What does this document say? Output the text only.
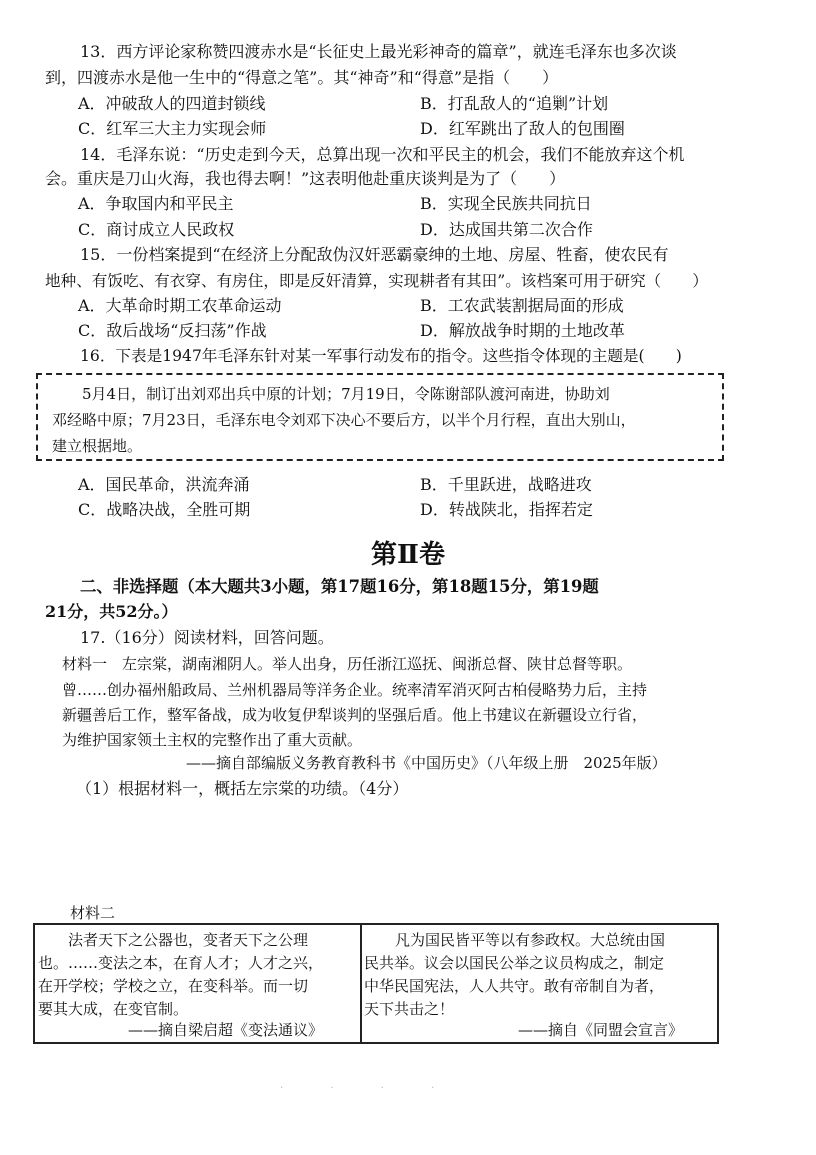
13．西方评论家称赞四渡赤水是“长征史上最光彩神奇的篇章”，就连毛泽东也多次谈
到，四渡赤水是他一生中的“得意之笔”。其“神奇”和“得意”是指（　　）
A．冲破敌人的四道封锁线	B．打乱敌人的“追剿”计划
C．红军三大主力实现会师	D．红军跳出了敌人的包围圈
14．毛泽东说：“历史走到今天，总算出现一次和平民主的机会，我们不能放弃这个机
会。重庆是刀山火海，我也得去啊！”这表明他赴重庆谈判是为了（　　）
A．争取国内和平民主	B．实现全民族共同抗日
C．商讨成立人民政权	D．达成国共第二次合作
15．一份档案提到“在经济上分配敌伪汉奸恶霸豪绅的土地、房屋、牲畜，使农民有
地种、有饭吃、有衣穿、有房住，即是反奸清算，实现耕者有其田”。该档案可用于研究（　　）
A．大革命时期工农革命运动	B．工农武装割据局面的形成
C．敌后战场“反扫荡”作战	D．解放战争时期的土地改革
16．下表是1947年毛泽东针对某一军事行动发布的指令。这些指令体现的主题是(　　)
5月4日，制订出刘邓出兵中原的计划；7月19日，令陈谢部队渡河南进，协助刘
邓经略中原；7月23日，毛泽东电令刘邓下决心不要后方，以半个月行程，直出大别山，
建立根据地。
A．国民革命，洪流奔涌	B．千里跃进，战略进攻
C．战略决战，全胜可期	D．转战陕北，指挥若定
第Ⅱ卷
二、非选择题（本大题共3小题，第17题16分，第18题15分，第19题
21分，共52分。）
17.（16分）阅读材料，回答问题。
材料一　左宗棠，湖南湘阴人。举人出身，历任浙江巡抚、闽浙总督、陕甘总督等职。
曾……创办福州船政局、兰州机器局等洋务企业。统率清军消灭阿古柏侵略势力后，主持
新疆善后工作，整军备战，成为收复伊犁谈判的坚强后盾。他上书建议在新疆设立行省，
为维护国家领土主权的完整作出了重大贡献。
——摘自部编版义务教育教科书《中国历史》（八年级上册　2025年版）
（1）根据材料一，概括左宗棠的功绩。（4分）
材料二
法者天下之公器也，变者天下之公理
也。……变法之本，在育人才；人才之兴，
在开学校；学校之立，在变科举。而一切
要其大成，在变官制。
——摘自梁启超《变法通议》
凡为国民皆平等以有参政权。大总统由国
民共举。议会以国民公举之议员构成之，制定
中华民国宪法，人人共守。敢有帝制自为者，
天下共击之！
——摘自《同盟会宣言》
· · · ·
